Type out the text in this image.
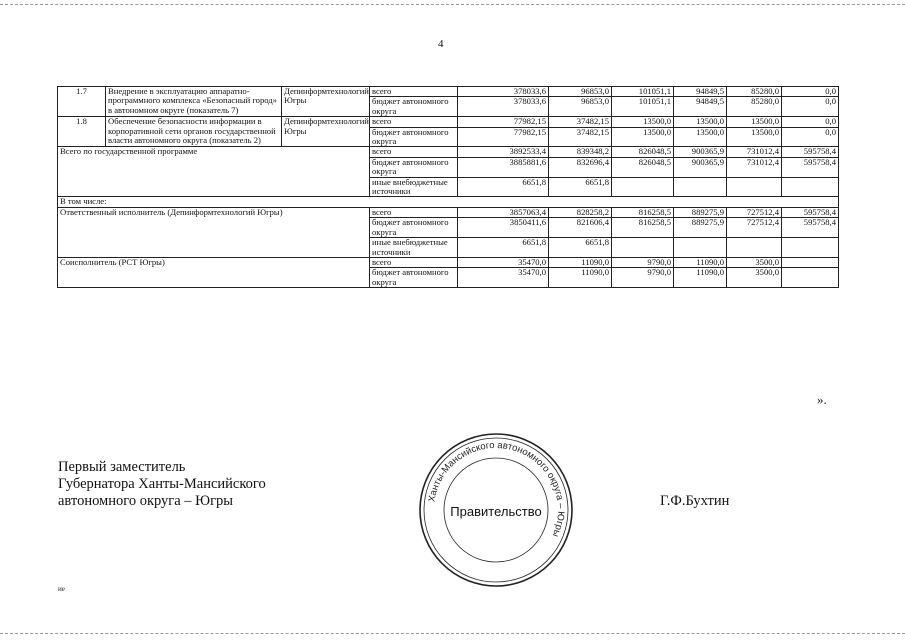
4
1.7	Внедрение в эксплуатацию аппаратно-программного комплекса «Безопасный город» в автономном округе (показатель 7)	Депинформтехнологий Югры	всего	378033,6	96853,0	101051,1	94849,5	85280,0	0,0
			бюджет автономного округа	378033,6	96853,0	101051,1	94849,5	85280,0	0,0
1.8	Обеспечение безопасности информации в корпоративной сети органов государственной власти автономного округа (показатель 2)	Депинформтехнологий Югры	всего	77982,15	37482,15	13500,0	13500,0	13500,0	0,0
			бюджет автономного округа	77982,15	37482,15	13500,0	13500,0	13500,0	0,0
Всего по государственной программе			всего	3892533,4	839348,2	826048,5	900365,9	731012,4	595758,4
			бюджет автономного округа	3885881,6	832696,4	826048,5	900365,9	731012,4	595758,4
			иные внебюджетные источники	6651,8	6651,8				
В том числе:									
Ответственный исполнитель (Депинформтехнологий Югры)			всего	3857063,4	828258,2	816258,5	889275,9	727512,4	595758,4
			бюджет автономного округа	3850411,6	821606,4	816258,5	889275,9	727512,4	595758,4
			иные внебюджетные источники	6651,8	6651,8				
Соисполнитель (РСТ Югры)			всего	35470,0	11090,0	9790,0	11090,0	3500,0	
			бюджет автономного округа	35470,0	11090,0	9790,0	11090,0	3500,0	
».
Первый заместитель
Губернатора Ханты-Мансийского
автономного округа – Югры	Г.Ф.Бухтин
Ханты-Мансийского автономного округа – Югры
Правительство
ие
